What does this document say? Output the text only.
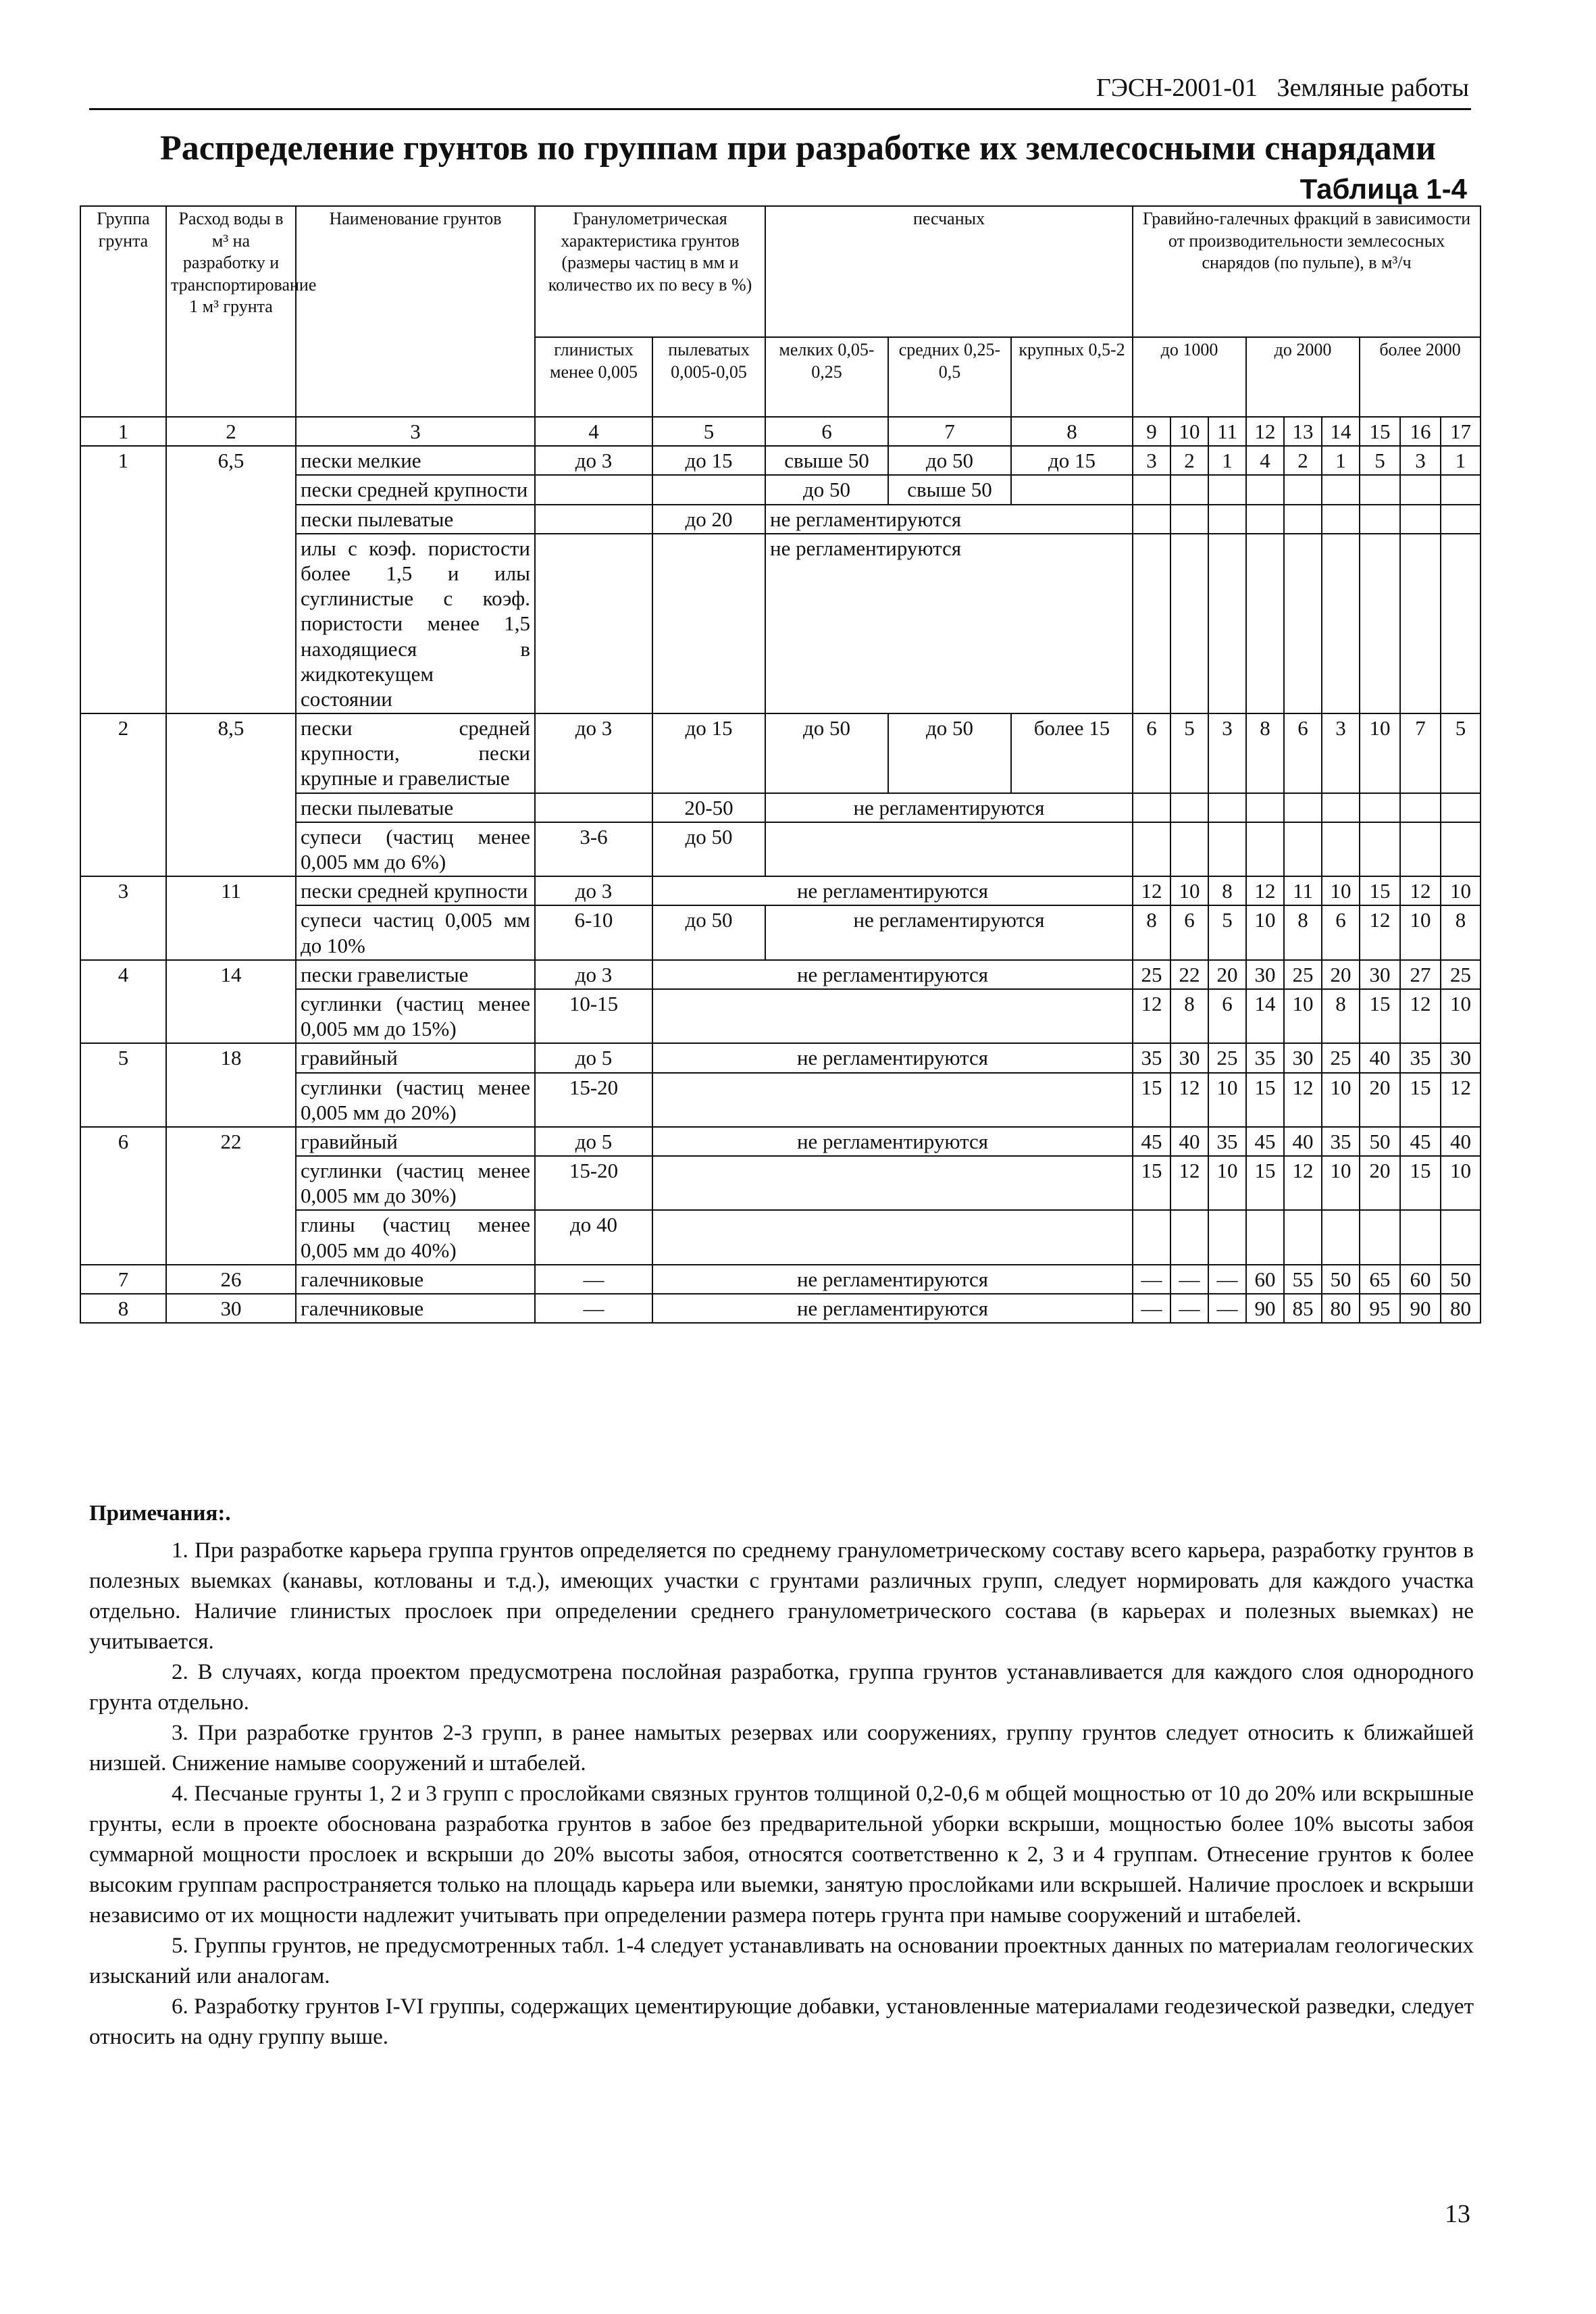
ГЭСН-2001-01 Земляные работы
Распределение грунтов по группам при разработке их землесосными снарядами
Таблица 1-4
Группа грунта	Расход воды в м³ на разработку и транспортирование 1 м³ грунта	Наименование грунтов	Гранулометрическая характеристика грунтов (размеры частиц в мм и количество их по весу в %)		песчаных			Гравийно-галечных фракций в зависимости от производительности землесосных снарядов (по пульпе), в м³/ч								
			глинистых менее 0,005	пылеватых 0,005-0,05	мелких 0,05-0,25	средних 0,25-0,5	крупных 0,5-2	до 1000			до 2000			более 2000		
1	2	3	4	5	6	7	8	9	10	11	12	13	14	15	16	17
1	6,5	пески мелкие	до 3	до 15	свыше 50	до 50	до 15	3	2	1	4	2	1	5	3	1
		пески средней крупности			до 50	свыше 50										
		пески пылеватые		до 20	не регламентируются											
		илы с коэф. пористости более 1,5 и илы суглинистые с коэф. пористости менее 1,5 находящиеся в жидкотекущем состоянии			не регламентируются											
2	8,5	пески средней крупности, пески крупные и гравелистые	до 3	до 15	до 50	до 50	более 15	6	5	3	8	6	3	10	7	5
		пески пылеватые		20-50	не регламентируются											
		супеси (частиц менее 0,005 мм до 6%)	3-6	до 50												
3	11	пески средней крупности	до 3	не регламентируются				12	10	8	12	11	10	15	12	10
		супеси частиц 0,005 мм до 10%	6-10	до 50	не регламентируются			8	6	5	10	8	6	12	10	8
4	14	пески гравелистые	до 3	не регламентируются				25	22	20	30	25	20	30	27	25
		суглинки (частиц менее 0,005 мм до 15%)	10-15					12	8	6	14	10	8	15	12	10
5	18	гравийный	до 5	не регламентируются				35	30	25	35	30	25	40	35	30
		суглинки (частиц менее 0,005 мм до 20%)	15-20					15	12	10	15	12	10	20	15	12
6	22	гравийный	до 5	не регламентируются				45	40	35	45	40	35	50	45	40
		суглинки (частиц менее 0,005 мм до 30%)	15-20					15	12	10	15	12	10	20	15	10
		глины (частиц менее 0,005 мм до 40%)	до 40													
7	26	галечниковые	—	не регламентируются				—	—	—	60	55	50	65	60	50
8	30	галечниковые	—	не регламентируются				—	—	—	90	85	80	95	90	80
Примечания:.

1. При разработке карьера группа грунтов определяется по среднему гранулометрическому составу всего карьера, разработку грунтов в полезных выемках (канавы, котлованы и т.д.), имеющих участки с грунтами различных групп, следует нормировать для каждого участка отдельно. Наличие глинистых прослоек при определении среднего гранулометрического состава (в карьерах и полезных выемках) не учитывается.

2. В случаях, когда проектом предусмотрена послойная разработка, группа грунтов устанавливается для каждого слоя однородного грунта отдельно.

3. При разработке грунтов 2-3 групп, в ранее намытых резервах или сооружениях, группу грунтов следует относить к ближайшей низшей. Снижение намыве сооружений и штабелей.

4. Песчаные грунты 1, 2 и 3 групп с прослойками связных грунтов толщиной 0,2-0,6 м общей мощностью от 10 до 20% или вскрышные грунты, если в проекте обоснована разработка грунтов в забое без предварительной уборки вскрыши, мощностью более 10% высоты забоя суммарной мощности прослоек и вскрыши до 20% высоты забоя, относятся соответственно к 2, 3 и 4 группам. Отнесение грунтов к более высоким группам распространяется только на площадь карьера или выемки, занятую прослойками или вскрышей. Наличие прослоек и вскрыши независимо от их мощности надлежит учитывать при определении размера потерь грунта при намыве сооружений и штабелей.

5. Группы грунтов, не предусмотренных табл. 1-4 следует устанавливать на основании проектных данных по материалам геологических изысканий или аналогам.

6. Разработку грунтов I-VI группы, содержащих цементирующие добавки, установленные материалами геодезической разведки, следует относить на одну группу выше.

13
